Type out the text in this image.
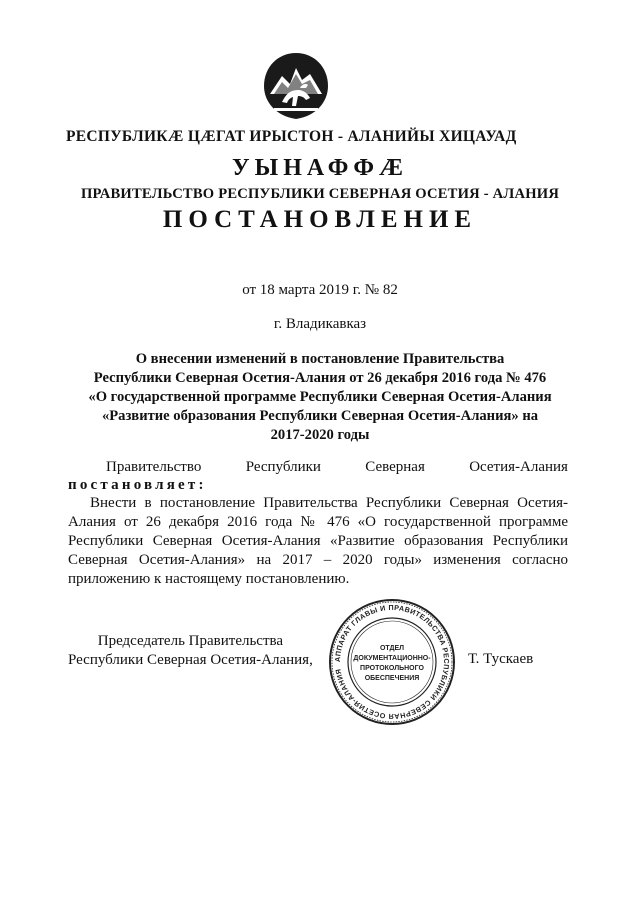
РЕСПУБЛИКӔ ЦӔГАТ ИРЫСТОН - АЛАНИЙЫ ХИЦАУАД
УЫНАФФӔ
ПРАВИТЕЛЬСТВО РЕСПУБЛИКИ СЕВЕРНАЯ ОСЕТИЯ - АЛАНИЯ
ПОСТАНОВЛЕНИЕ
от 18 марта 2019 г. № 82
г. Владикавказ
О внесении изменений в постановление Правительства
Республики Северная Осетия-Алания от 26 декабря 2016 года № 476
«О государственной программе Республики Северная Осетия-Алания
«Развитие образования Республики Северная Осетия-Алания» на
2017-2020 годы
Правительство	Республики	Северная	Осетия-Алания
постановляет:
Внести в постановление Правительства Республики Северная Осетия-Алания от 26 декабря 2016 года № 476 «О государственной программе Республики Северная Осетия-Алания «Развитие образования Республики Северная Осетия-Алания» на 2017 – 2020 годы» изменения согласно приложению к настоящему постановлению.
Председатель Правительства
Республики Северная Осетия-Алания,	АППАРАТ ГЛАВЫ И ПРАВИТЕЛЬСТВА РЕСПУБЛИКИ СЕВЕРНАЯ ОСЕТИЯ-АЛАНИЯ
ОТДЕЛ
ДОКУМЕНТАЦИОННО-
ПРОТОКОЛЬНОГО
ОБЕСПЕЧЕНИЯ
Т. Тускаев
